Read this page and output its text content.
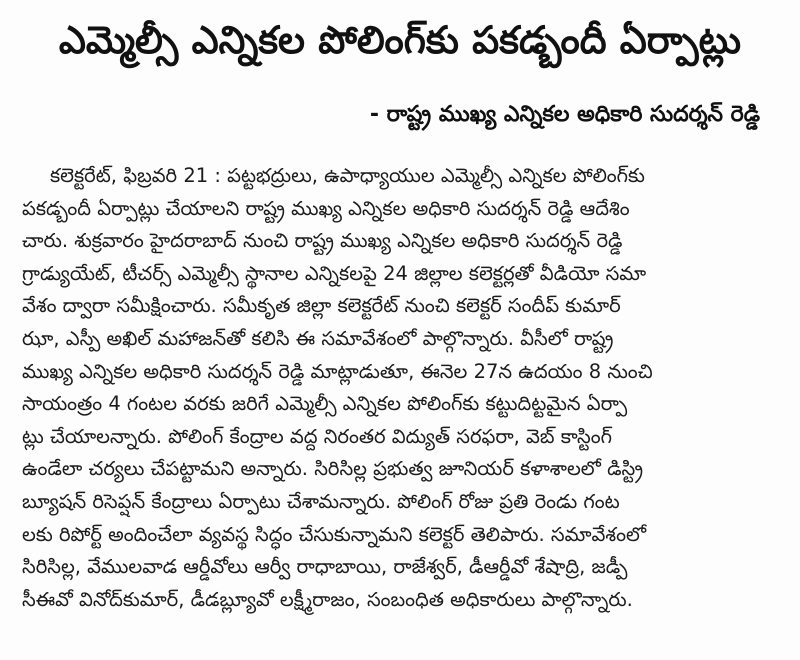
ఎమ్మెల్సీ ఎన్నికల పోలింగ్‌కు పకడ్బందీ ఏర్పాట్లు
- రాష్ట్ర ముఖ్య ఎన్నికల అధికారి సుదర్శన్ రెడ్డి
కలెక్టరేట్, ఫిబ్రవరి 21 : పట్టభద్రులు, ఉపాధ్యాయుల ఎమ్మెల్సీ ఎన్నికల పోలింగ్‌కు
పకడ్బందీ ఏర్పాట్లు చేయాలని రాష్ట్ర ముఖ్య ఎన్నికల అధికారి సుదర్శన్ రెడ్డి ఆదేశిం
చారు. శుక్రవారం హైదరాబాద్ నుంచి రాష్ట్ర ముఖ్య ఎన్నికల అధికారి సుదర్శన్ రెడ్డి
గ్రాడ్యుయేట్, టీచర్స్ ఎమ్మెల్సీ స్థానాల ఎన్నికలపై 24 జిల్లాల కలెక్టర్లతో వీడియో సమా
వేశం ద్వారా సమీక్షించారు. సమీకృత జిల్లా కలెక్టరేట్ నుంచి కలెక్టర్ సందీప్ కుమార్
ఝా, ఎస్పీ అఖిల్ మహాజన్‌తో కలిసి ఈ సమావేశంలో పాల్గొన్నారు. వీసీలో రాష్ట్ర
ముఖ్య ఎన్నికల అధికారి సుదర్శన్ రెడ్డి మాట్లాడుతూ, ఈనెల 27న ఉదయం 8 నుంచి
సాయంత్రం 4 గంటల వరకు జరిగే ఎమ్మెల్సీ ఎన్నికల పోలింగ్‌కు కట్టుదిట్టమైన ఏర్పా
ట్లు చేయాలన్నారు. పోలింగ్ కేంద్రాల వద్ద నిరంతర విద్యుత్ సరఫరా, వెబ్ కాస్టింగ్
ఉండేలా చర్యలు చేపట్టామని అన్నారు. సిరిసిల్ల ప్రభుత్వ జూనియర్ కళాశాలలో డిస్ట్రి
బ్యూషన్ రిసెప్షన్ కేంద్రాలు ఏర్పాటు చేశామన్నారు. పోలింగ్ రోజు ప్రతి రెండు గంట
లకు రిపోర్ట్ అందించేలా వ్యవస్థ సిద్ధం చేసుకున్నామని కలెక్టర్ తెలిపారు. సమావేశంలో
సిరిసిల్ల, వేములవాడ ఆర్డీవోలు ఆర్వీ రాధాబాయి, రాజేశ్వర్, డీఆర్డీవో శేషాద్రి, జడ్పీ
సీఈవో వినోద్‌కుమార్, డీడబ్ల్యూవో లక్ష్మీరాజం, సంబంధిత అధికారులు పాల్గొన్నారు.
